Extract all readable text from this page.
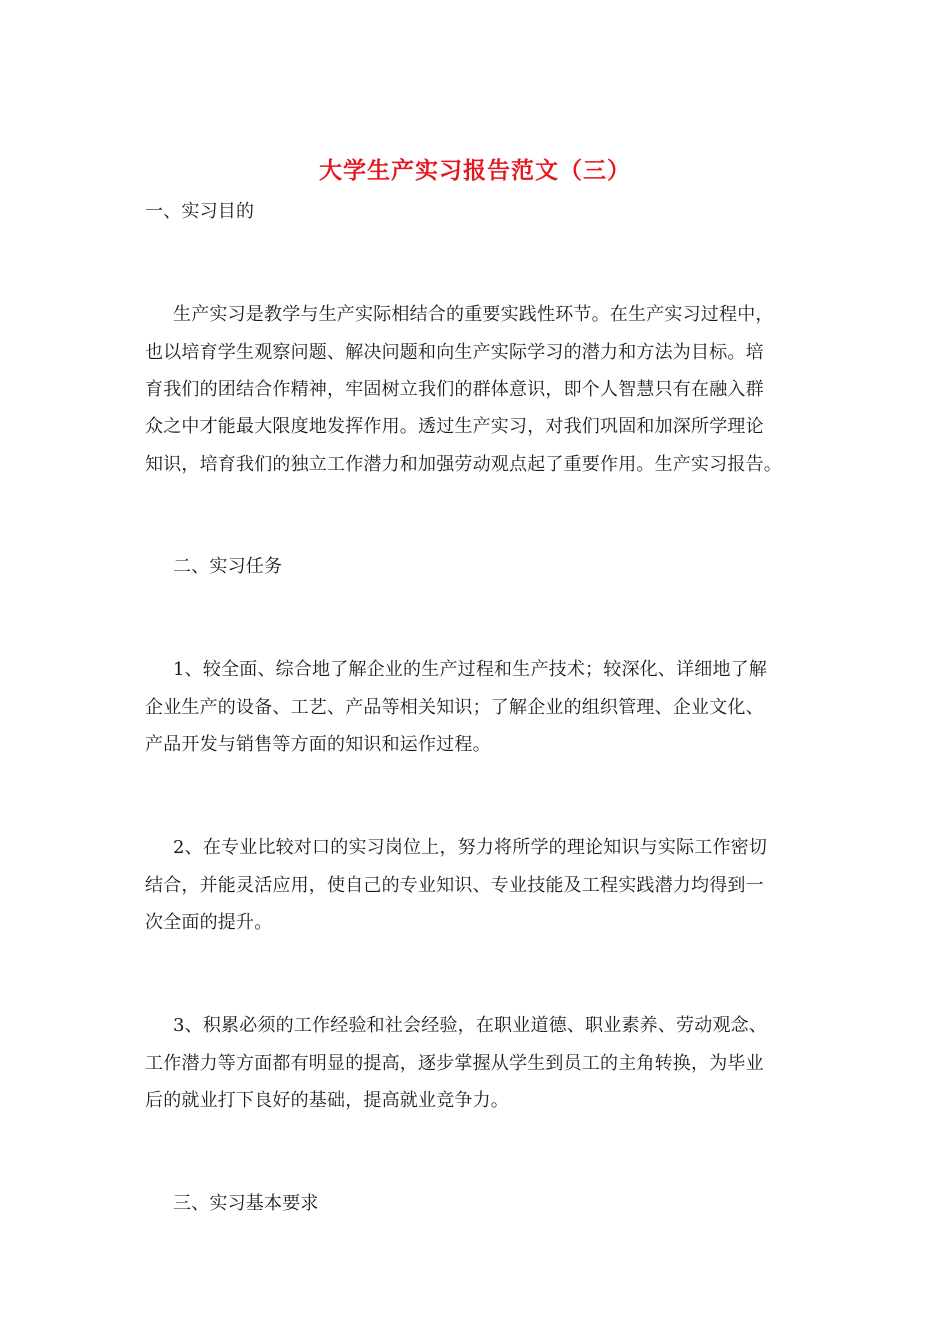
大学生产实习报告范文（三）
一、实习目的
生产实习是教学与生产实际相结合的重要实践性环节。在生产实习过程中，
也以培育学生观察问题、解决问题和向生产实际学习的潜力和方法为目标。培
育我们的团结合作精神，牢固树立我们的群体意识，即个人智慧只有在融入群
众之中才能最大限度地发挥作用。透过生产实习，对我们巩固和加深所学理论
知识，培育我们的独立工作潜力和加强劳动观点起了重要作用。生产实习报告。
二、实习任务
1、较全面、综合地了解企业的生产过程和生产技术；较深化、详细地了解
企业生产的设备、工艺、产品等相关知识；了解企业的组织管理、企业文化、
产品开发与销售等方面的知识和运作过程。
2、在专业比较对口的实习岗位上，努力将所学的理论知识与实际工作密切
结合，并能灵活应用，使自己的专业知识、专业技能及工程实践潜力均得到一
次全面的提升。
3、积累必须的工作经验和社会经验，在职业道德、职业素养、劳动观念、
工作潜力等方面都有明显的提高，逐步掌握从学生到员工的主角转换，为毕业
后的就业打下良好的基础，提高就业竞争力。
三、实习基本要求
